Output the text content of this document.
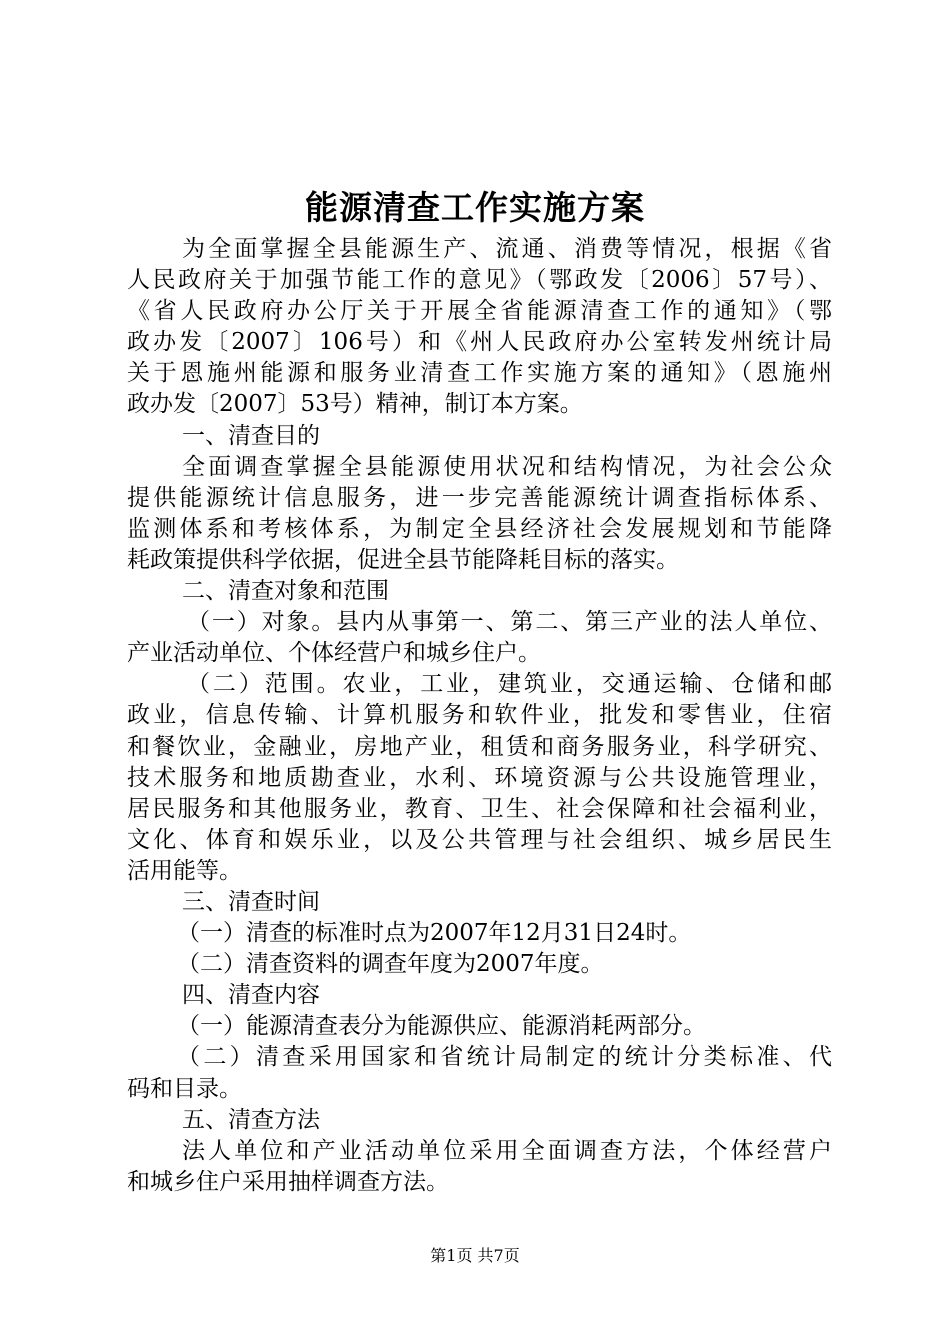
能源清查工作实施方案
为全面掌握全县能源生产、流通、消费等情况，根据《省
人民政府关于加强节能工作的意见》（鄂政发〔2006〕57号）、
《省人民政府办公厅关于开展全省能源清查工作的通知》（鄂
政办发〔2007〕106号）和《州人民政府办公室转发州统计局
关于恩施州能源和服务业清查工作实施方案的通知》（恩施州
政办发〔2007〕53号）精神，制订本方案。
一、清查目的
全面调查掌握全县能源使用状况和结构情况，为社会公众
提供能源统计信息服务，进一步完善能源统计调查指标体系、
监测体系和考核体系，为制定全县经济社会发展规划和节能降
耗政策提供科学依据，促进全县节能降耗目标的落实。
二、清查对象和范围
（一）对象。县内从事第一、第二、第三产业的法人单位、
产业活动单位、个体经营户和城乡住户。
（二）范围。农业，工业，建筑业，交通运输、仓储和邮
政业，信息传输、计算机服务和软件业，批发和零售业，住宿
和餐饮业，金融业，房地产业，租赁和商务服务业，科学研究、
技术服务和地质勘查业，水利、环境资源与公共设施管理业，
居民服务和其他服务业，教育、卫生、社会保障和社会福利业，
文化、体育和娱乐业，以及公共管理与社会组织、城乡居民生
活用能等。
三、清查时间
（一）清查的标准时点为2007年12月31日24时。
（二）清查资料的调查年度为2007年度。
四、清查内容
（一）能源清查表分为能源供应、能源消耗两部分。
（二）清查采用国家和省统计局制定的统计分类标准、代
码和目录。
五、清查方法
法人单位和产业活动单位采用全面调查方法，个体经营户
和城乡住户采用抽样调查方法。
第1页 共7页
